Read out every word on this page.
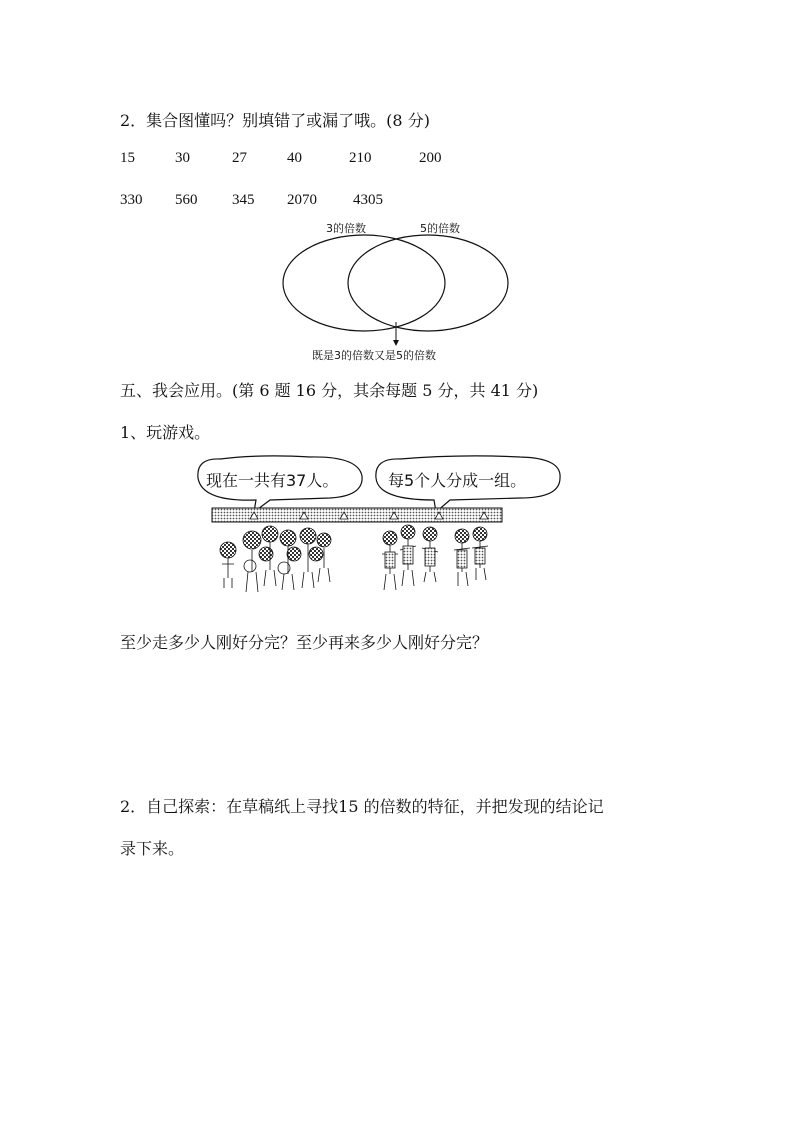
2．集合图懂吗？别填错了或漏了哦。(8 分)
15	30	27	40	210	200
330 560 345 2070 4305
3的倍数	5的倍数
既是3的倍数又是5的倍数
五、我会应用。(第 6 题 16 分，其余每题 5 分，共 41 分)
1、玩游戏。
现在一共有37人。	每5个人分成一组。
至少走多少人刚好分完？至少再来多少人刚好分完？
2．自己探索：在草稿纸上寻找15 的倍数的特征，并把发现的结论记
录下来。
